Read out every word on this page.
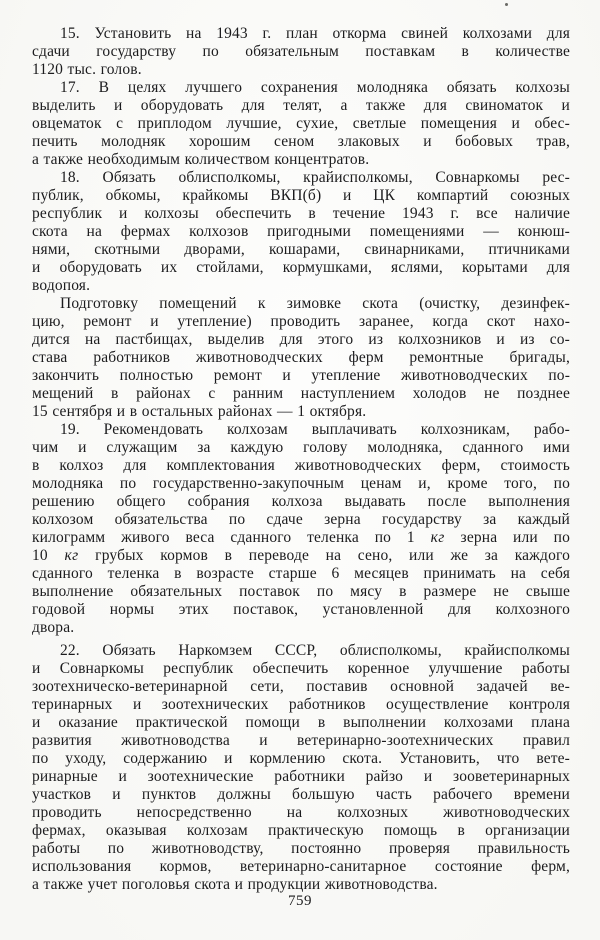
15. Установить на 1943 г. план откорма свиней колхозами для
сдачи государству по обязательным поставкам в количестве
1120 тыс. голов.
17. В целях лучшего сохранения молодняка обязать колхозы
выделить и оборудовать для телят, а также для свиноматок и
овцематок с приплодом лучшие, сухие, светлые помещения и обес-
печить молодняк хорошим сеном злаковых и бобовых трав,
а также необходимым количеством концентратов.
18. Обязать облисполкомы, крайисполкомы, Совнаркомы рес-
публик, обкомы, крайкомы ВКП(б) и ЦК компартий союзных
республик и колхозы обеспечить в течение 1943 г. все наличие
скота на фермах колхозов пригодными помещениями — конюш-
нями, скотными дворами, кошарами, свинарниками, птичниками
и оборудовать их стойлами, кормушками, яслями, корытами для
водопоя.
Подготовку помещений к зимовке скота (очистку, дезинфек-
цию, ремонт и утепление) проводить заранее, когда скот нахо-
дится на пастбищах, выделив для этого из колхозников и из со-
става работников животноводческих ферм ремонтные бригады,
закончить полностью ремонт и утепление животноводческих по-
мещений в районах с ранним наступлением холодов не позднее
15 сентября и в остальных районах — 1 октября.
19. Рекомендовать колхозам выплачивать колхозникам, рабо-
чим и служащим за каждую голову молодняка, сданного ими
в колхоз для комплектования животноводческих ферм, стоимость
молодняка по государственно-закупочным ценам и, кроме того, по
решению общего собрания колхоза выдавать после выполнения
колхозом обязательства по сдаче зерна государству за каждый
килограмм живого веса сданного теленка по 1 кг зерна или по
10 кг грубых кормов в переводе на сено, или же за каждого
сданного теленка в возрасте старше 6 месяцев принимать на себя
выполнение обязательных поставок по мясу в размере не свыше
годовой нормы этих поставок, установленной для колхозного
двора.
22. Обязать Наркомзем СССР, облисполкомы, крайисполкомы
и Совнаркомы республик обеспечить коренное улучшение работы
зоотехническо-ветеринарной сети, поставив основной задачей ве-
теринарных и зоотехнических работников осуществление контроля
и оказание практической помощи в выполнении колхозами плана
развития животноводства и ветеринарно-зоотехнических правил
по уходу, содержанию и кормлению скота. Установить, что вете-
ринарные и зоотехнические работники райзо и зооветеринарных
участков и пунктов должны большую часть рабочего времени
проводить непосредственно на колхозных животноводческих
фермах, оказывая колхозам практическую помощь в организации
работы по животноводству, постоянно проверяя правильность
использования кормов, ветеринарно-санитарное состояние ферм,
а также учет поголовья скота и продукции животноводства.
759
